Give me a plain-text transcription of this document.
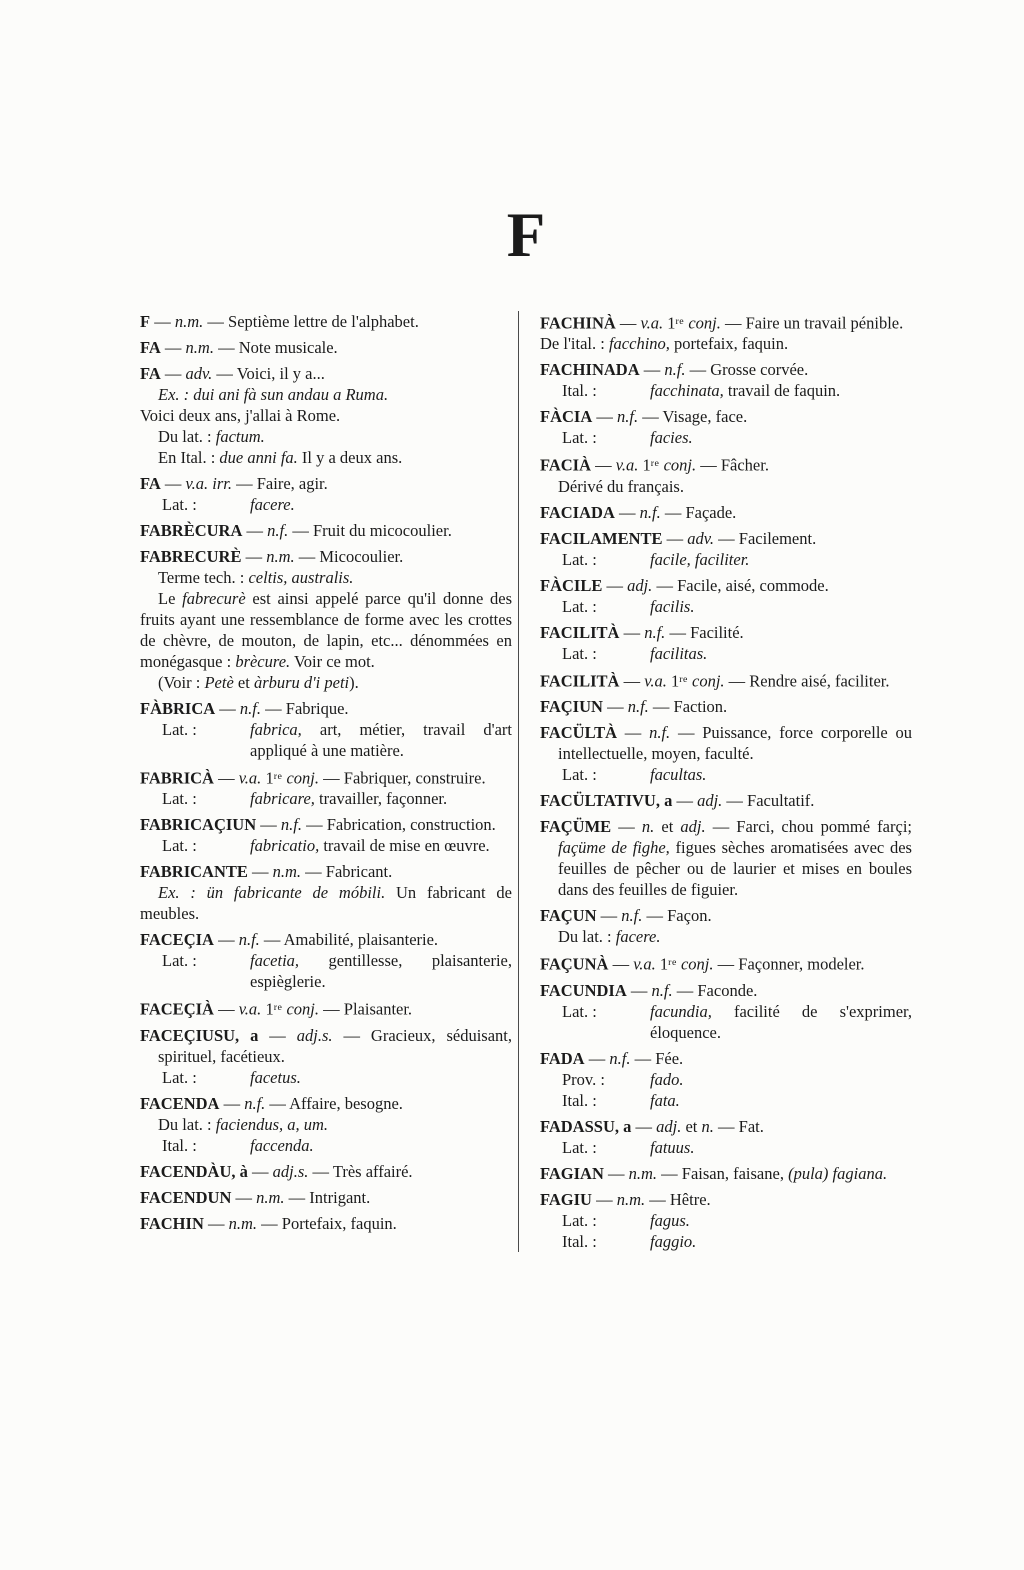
F

F — n.m. — Septième lettre de l'alphabet.

FA — n.m. — Note musicale.

FA — adv. — Voici, il y a...

Ex. : dui ani fà sun andau a Ruma.

Voici deux ans, j'allai à Rome.

Du lat. : factum.

En Ital. : due anni fa. Il y a deux ans.

FA — v.a. irr. — Faire, agir.

Lat. :	facere.

FABRÈCURA — n.f. — Fruit du micocoulier.

FABRECURÈ — n.m. — Micocoulier.

Terme tech. : celtis, australis.

Le fabrecurè est ainsi appelé parce qu'il donne des fruits ayant une ressemblance de forme avec les crottes de chèvre, de mouton, de lapin, etc... dénommées en monégasque : brècure. Voir ce mot.

(Voir : Petè et àrburu d'i peti).

FÀBRICA — n.f. — Fabrique.

Lat. :	fabrica, art, métier, travail d'art appliqué à une matière.

FABRICÀ — v.a. 1re conj. — Fabriquer, construire.

Lat. :	fabricare, travailler, façonner.

FABRICAÇIUN — n.f. — Fabrication, construction.

Lat. :	fabricatio, travail de mise en œuvre.

FABRICANTE — n.m. — Fabricant.

Ex. : ün fabricante de móbili. Un fabricant de meubles.

FACEÇIA — n.f. — Amabilité, plaisanterie.

Lat. :	facetia, gentillesse, plaisanterie, espièglerie.

FACEÇIÀ — v.a. 1re conj. — Plaisanter.

FACEÇIUSU, a — adj.s. — Gracieux, séduisant, spirituel, facétieux.

Lat. :	facetus.

FACENDA — n.f. — Affaire, besogne.

Du lat. : faciendus, a, um.

Ital. :	faccenda.

FACENDÀU, à — adj.s. — Très affairé.

FACENDUN — n.m. — Intrigant.

FACHIN — n.m. — Portefaix, faquin.

FACHINÀ — v.a. 1re conj. — Faire un travail pénible.

De l'ital. : facchino, portefaix, faquin.

FACHINADA — n.f. — Grosse corvée.

Ital. :	facchinata, travail de faquin.

FÀCIA — n.f. — Visage, face.

Lat. :	facies.

FACIÀ — v.a. 1re conj. — Fâcher.

Dérivé du français.

FACIADA — n.f. — Façade.

FACILAMENTE — adv. — Facilement.

Lat. :	facile, faciliter.

FÀCILE — adj. — Facile, aisé, commode.

Lat. :	facilis.

FACILITÀ — n.f. — Facilité.

Lat. :	facilitas.

FACILITÀ — v.a. 1re conj. — Rendre aisé, faciliter.

FAÇIUN — n.f. — Faction.

FACÜLTÀ — n.f. — Puissance, force corporelle ou intellectuelle, moyen, faculté.

Lat. :	facultas.

FACÜLTATIVU, a — adj. — Facultatif.

FAÇÜME — n. et adj. — Farci, chou pommé farçi; façüme de fighe, figues sèches aromatisées avec des feuilles de pêcher ou de laurier et mises en boules dans des feuilles de figuier.

FAÇUN — n.f. — Façon.

Du lat. : facere.

FAÇUNÀ — v.a. 1re conj. — Façonner, modeler.

FACUNDIA — n.f. — Faconde.

Lat. :	facundia, facilité de s'exprimer, éloquence.

FADA — n.f. — Fée.

Prov. :	fado.

Ital. :	fata.

FADASSU, a — adj. et n. — Fat.

Lat. :	fatuus.

FAGIAN — n.m. — Faisan, faisane, (pula) fagiana.

FAGIU — n.m. — Hêtre.

Lat. :	fagus.

Ital. :	faggio.
